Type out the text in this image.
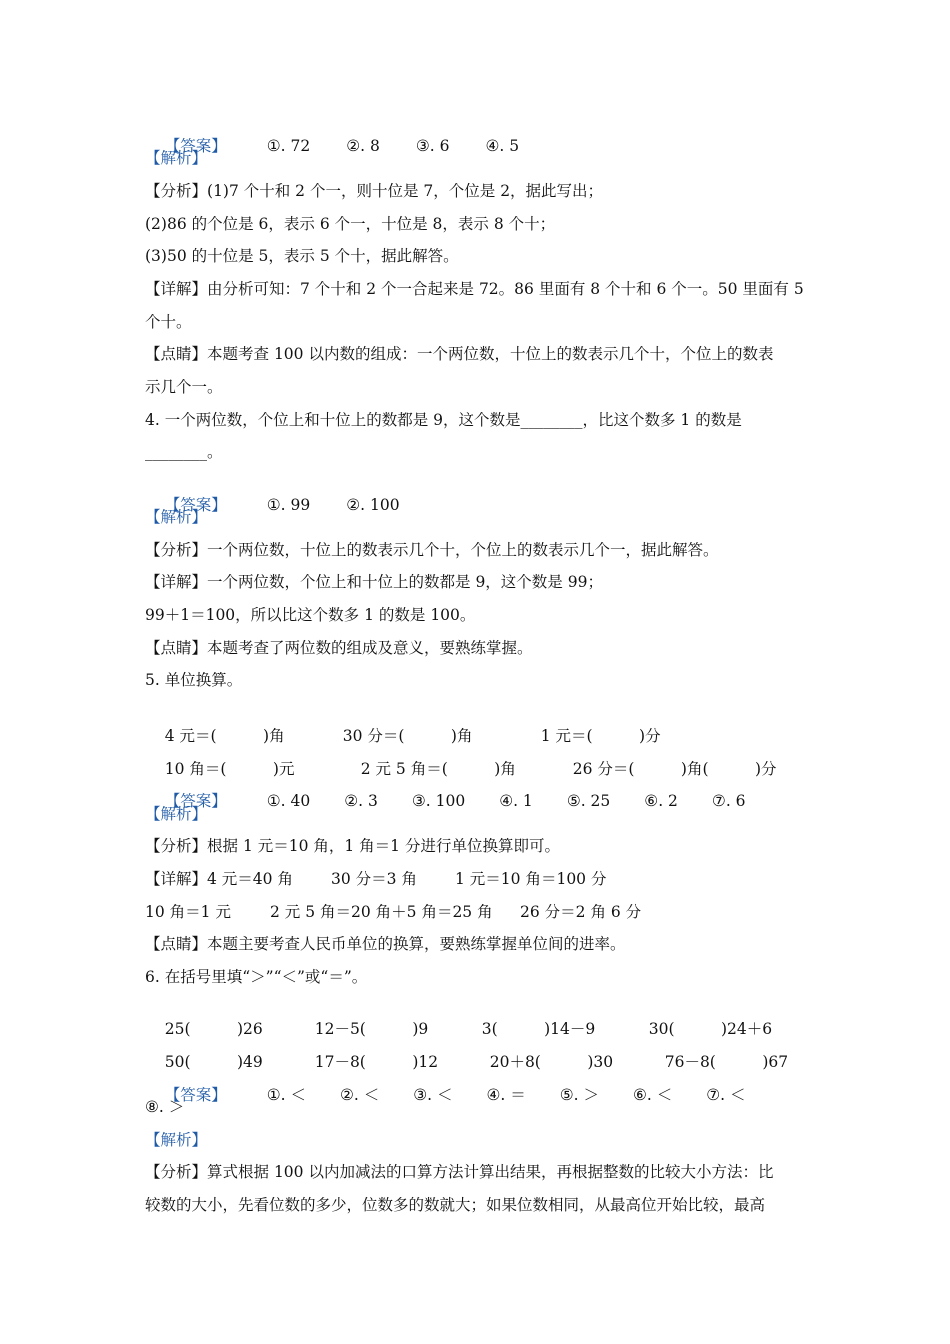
【答案】	①. 72 ②. 8 ③. 6 ④. 5

【解析】
【分析】(1)7 个十和 2 个一，则十位是 7，个位是 2，据此写出；
(2)86 的个位是 6，表示 6 个一，十位是 8，表示 8 个十；
(3)50 的十位是 5，表示 5 个十，据此解答。
【详解】由分析可知：7 个十和 2 个一合起来是 72。86 里面有 8 个十和 6 个一。50 里面有 5
个十。
【点睛】本题考查 100 以内数的组成：一个两位数，十位上的数表示几个十，个位上的数表
示几个一。
4. 一个两位数，个位上和十位上的数都是 9，这个数是________，比这个数多 1 的数是
________。

【答案】	①. 99 ②. 100

【解析】
【分析】一个两位数，十位上的数表示几个十，个位上的数表示几个一，据此解答。
【详解】一个两位数，个位上和十位上的数都是 9，这个数是 99；
99＋1＝100，所以比这个数多 1 的数是 100。
【点睛】本题考查了两位数的组成及意义，要熟练掌握。
5. 单位换算。

4 元＝(　　　)角	30 分＝(　　　)角	1 元＝(　　　)分

10 角＝(　　　)元	2 元 5 角＝(　　　)角	26 分＝(　　　)角(　　　)分

【答案】	①. 40 ②. 3 ③. 100 ④. 1 ⑤. 25 ⑥. 2 ⑦. 6

【解析】
【分析】根据 1 元＝10 角，1 角＝1 分进行单位换算即可。
【详解】4 元＝40 角 30 分＝3 角 1 元＝10 角＝100 分
10 角＝1 元	2 元 5 角＝20 角＋5 角＝25 角 26 分＝2 角 6 分
【点睛】本题主要考查人民币单位的换算，要熟练掌握单位间的进率。
6. 在括号里填“＞”“＜”或“＝”。

25(　　　)26	12－5(　　　)9	3(　　　)14－9	30(　　　)24＋6

50(　　　)49	17－8(　　　)12	20＋8(　　　)30	76－8(　　　)67

【答案】	①. ＜ ②. ＜ ③. ＜ ④. ＝ ⑤. ＞ ⑥. ＜ ⑦. ＜

⑧. ＞
【解析】
【分析】算式根据 100 以内加减法的口算方法计算出结果，再根据整数的比较大小方法：比
较数的大小，先看位数的多少，位数多的数就大；如果位数相同，从最高位开始比较，最高
